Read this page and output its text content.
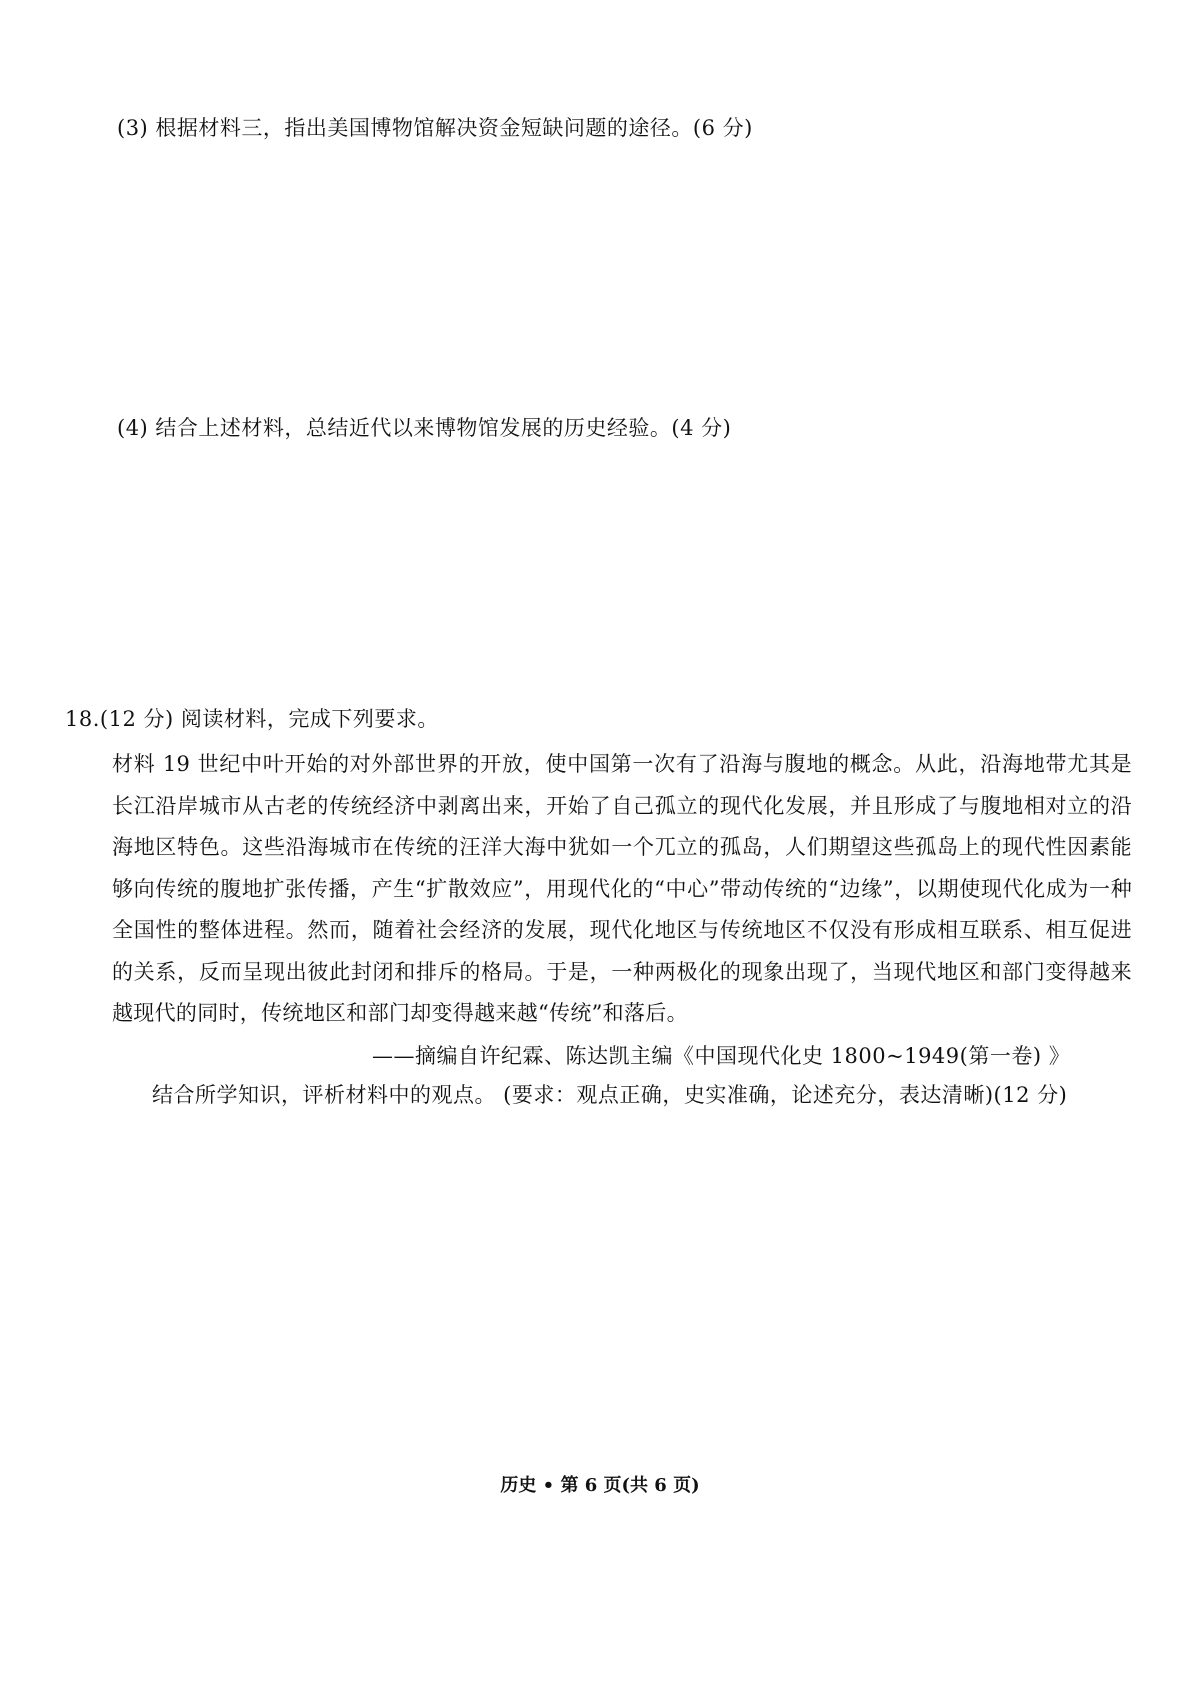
(3) 根据材料三，指出美国博物馆解决资金短缺问题的途径。(6 分)
(4) 结合上述材料，总结近代以来博物馆发展的历史经验。(4 分)
18.(12 分) 阅读材料，完成下列要求。
材料 19 世纪中叶开始的对外部世界的开放，使中国第一次有了沿海与腹地的概念。从此，沿海地带尤其是长江沿岸城市从古老的传统经济中剥离出来，开始了自己孤立的现代化发展，并且形成了与腹地相对立的沿海地区特色。这些沿海城市在传统的汪洋大海中犹如一个兀立的孤岛，人们期望这些孤岛上的现代性因素能够向传统的腹地扩张传播，产生“扩散效应”，用现代化的“中心”带动传统的“边缘”，以期使现代化成为一种全国性的整体进程。然而，随着社会经济的发展，现代化地区与传统地区不仅没有形成相互联系、相互促进的关系，反而呈现出彼此封闭和排斥的格局。于是，一种两极化的现象出现了，当现代地区和部门变得越来越现代的同时，传统地区和部门却变得越来越“传统”和落后。
——摘编自许纪霖、陈达凯主编《中国现代化史 1800~1949(第一卷) 》
结合所学知识，评析材料中的观点。 (要求：观点正确，史实准确，论述充分，表达清晰)(12 分)
历史 • 第 6 页(共 6 页)
